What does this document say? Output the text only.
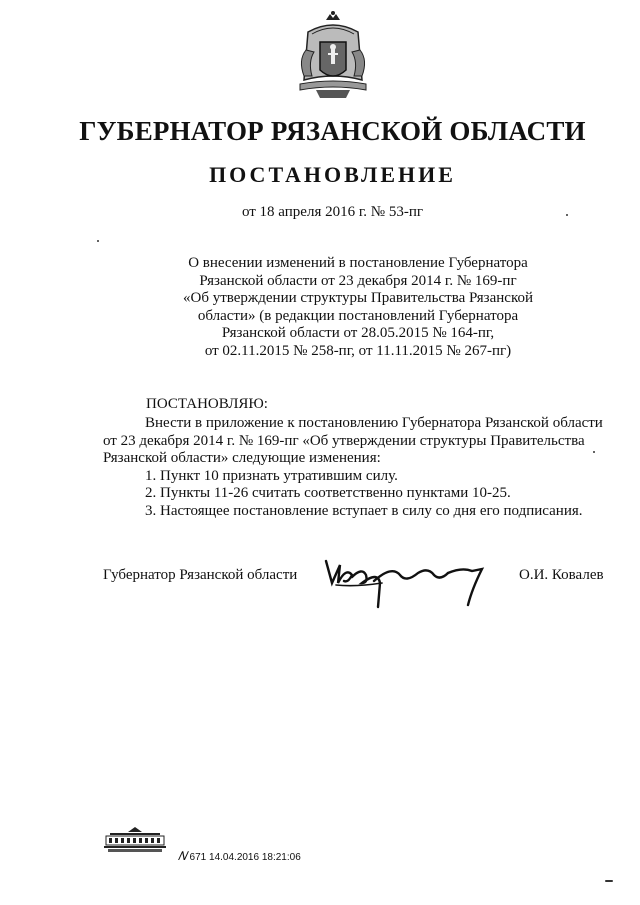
ГУБЕРНАТОР РЯЗАНСКОЙ ОБЛАСТИ
ПОСТАНОВЛЕНИЕ
от 18 апреля 2016 г. № 53-пг
О внесении изменений в постановление Губернатора
Рязанской области от 23 декабря 2014 г. № 169-пг
«Об утверждении структуры Правительства Рязанской
области» (в редакции постановлений Губернатора
Рязанской области от 28.05.2015 № 164-пг,
от 02.11.2015 № 258-пг, от 11.11.2015 № 267-пг)
ПОСТАНОВЛЯЮ:
Внести в приложение к постановлению Губернатора Рязанской области
от 23 декабря 2014 г. № 169-пг «Об утверждении структуры Правительства
Рязанской области» следующие изменения:
1. Пункт 10 признать утратившим силу.
2. Пункты 11-26 считать соответственно пунктами 10-25.
3. Настоящее постановление вступает в силу со дня его подписания.
Губернатор Рязанской области	О.И. Ковалев
𝑁 671 14.04.2016 18:21:06
